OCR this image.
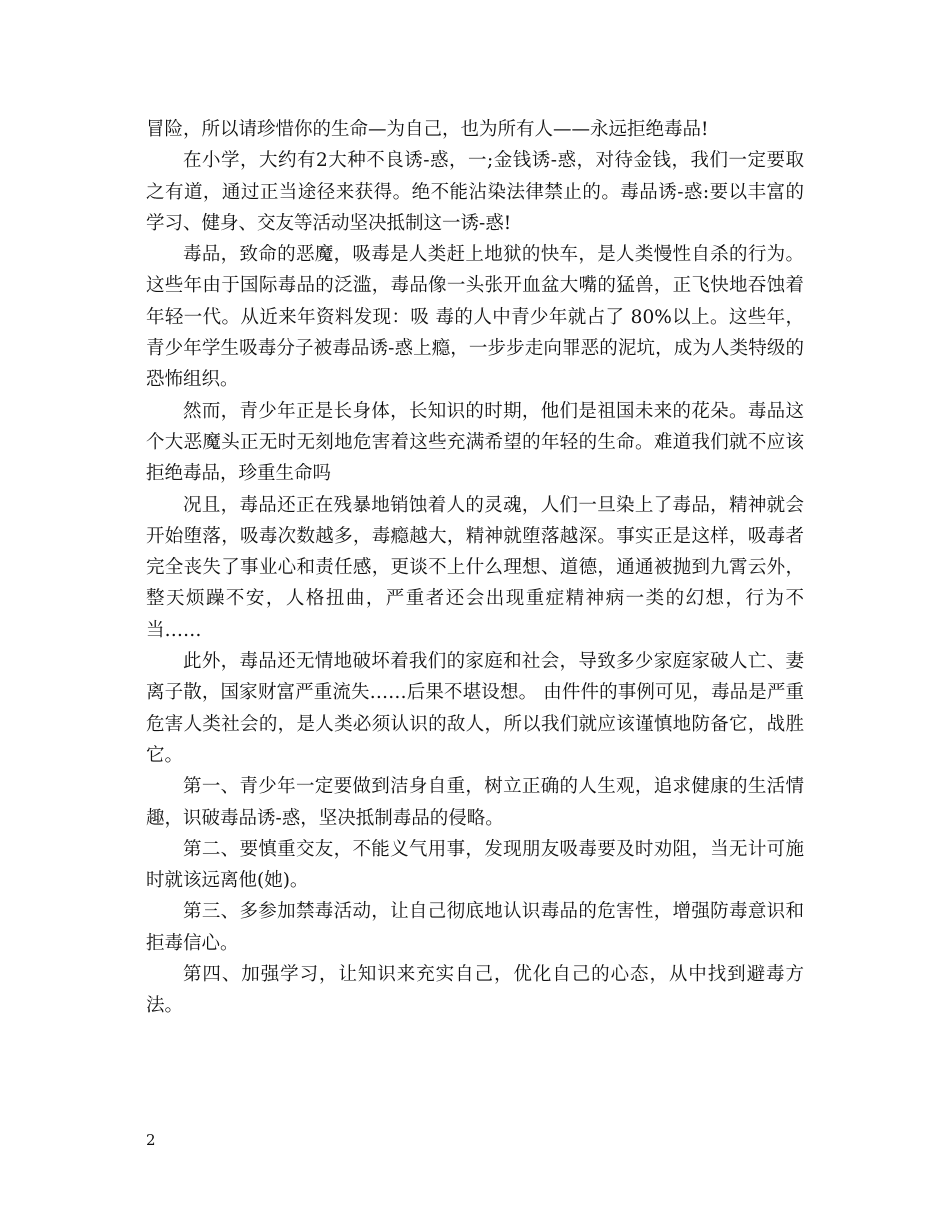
冒险，所以请珍惜你的生命—为自己，也为所有人——永远拒绝毒品!

在小学，大约有2大种不良诱-惑，一;金钱诱-惑，对待金钱，我们一定要取之有道，通过正当途径来获得。绝不能沾染法律禁止的。毒品诱-惑:要以丰富的学习、健身、交友等活动坚决抵制这一诱-惑!

毒品，致命的恶魔，吸毒是人类赶上地狱的快车，是人类慢性自杀的行为。这些年由于国际毒品的泛滥，毒品像一头张开血盆大嘴的猛兽，正飞快地吞蚀着年轻一代。从近来年资料发现：吸 毒的人中青少年就占了 80%以上。这些年，青少年学生吸毒分子被毒品诱-惑上瘾，一步步走向罪恶的泥坑，成为人类特级的恐怖组织。

然而，青少年正是长身体，长知识的时期，他们是祖国未来的花朵。毒品这个大恶魔头正无时无刻地危害着这些充满希望的年轻的生命。难道我们就不应该拒绝毒品，珍重生命吗

况且，毒品还正在残暴地销蚀着人的灵魂，人们一旦染上了毒品，精神就会开始堕落，吸毒次数越多，毒瘾越大，精神就堕落越深。事实正是这样，吸毒者完全丧失了事业心和责任感，更谈不上什么理想、道德，通通被抛到九霄云外，整天烦躁不安，人格扭曲，严重者还会出现重症精神病一类的幻想，行为不当……

此外，毒品还无情地破坏着我们的家庭和社会，导致多少家庭家破人亡、妻离子散，国家财富严重流失……后果不堪设想。 由件件的事例可见，毒品是严重危害人类社会的，是人类必须认识的敌人，所以我们就应该谨慎地防备它，战胜它。

第一、青少年一定要做到洁身自重，树立正确的人生观，追求健康的生活情趣，识破毒品诱-惑，坚决抵制毒品的侵略。

第二、要慎重交友，不能义气用事，发现朋友吸毒要及时劝阻，当无计可施时就该远离他(她)。

第三、多参加禁毒活动，让自己彻底地认识毒品的危害性，增强防毒意识和拒毒信心。

第四、加强学习，让知识来充实自己，优化自己的心态，从中找到避毒方法。

2
